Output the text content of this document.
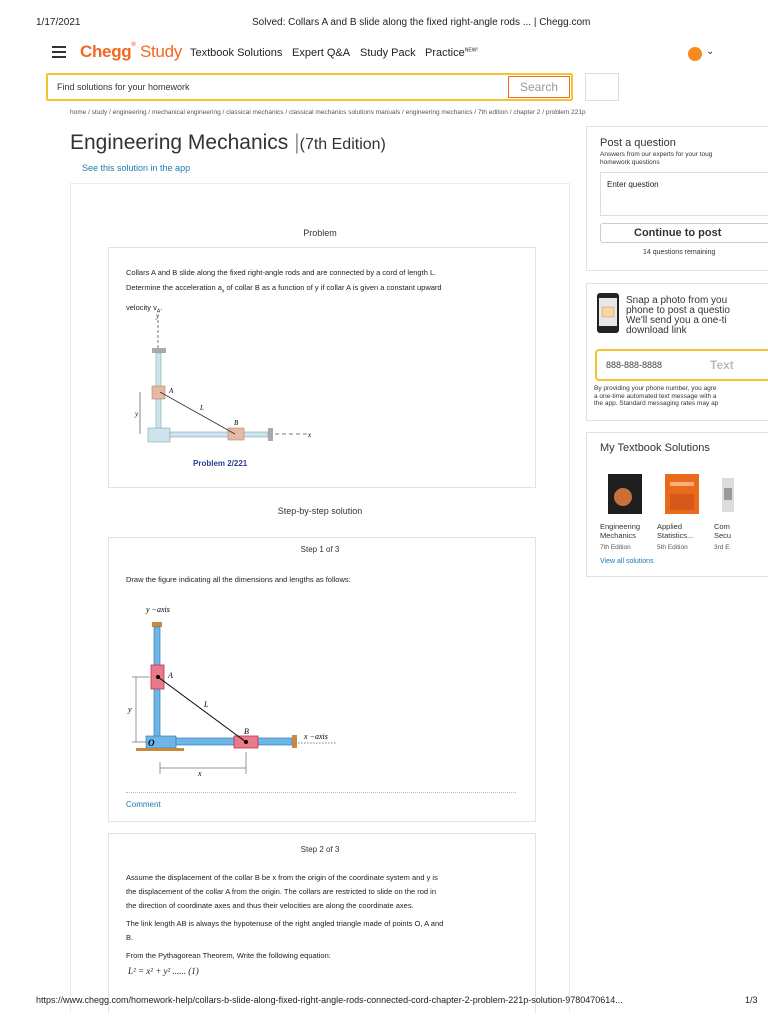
1/17/2021	Solved: Collars A and B slide along the fixed right-angle rods ... | Chegg.com
Chegg® Study Textbook Solutions Expert Q&A Study Pack Practice$^{NEW!}$	⌄
Find solutions for your homework	Search
home / study / engineering / mechanical engineering / classical mechanics / classical mechanics solutions manuals / engineering mechanics / 7th edition / chapter 2 / problem 221p
Engineering Mechanics |(7th Edition)
See this solution in the app
Problem
Collars A and B slide along the fixed right-angle rods and are connected by a cord of length L.
Determine the acceleration $a_x$ of collar B as a function of y if collar A is given a constant upward
velocity $v_A$.
y
A
L
B
y
x
Problem 2/221
Step-by-step solution
Step 1 of 3
Draw the figure indicating all the dimensions and lengths as follows:
y −axis
A
y
L
B
O
x −axis
x
Comment
Step 2 of 3
Assume the displacement of the collar B be x from the origin of the coordinate system and y is
the displacement of the collar A from the origin. The collars are restricted to slide on the rod in
the direction of coordinate axes and thus their velocities are along the coordinate axes.
The link length AB is always the hypotenuse of the right angled triangle made of points O, A and
B.
From the Pythagorean Theorem, Write the following equation:
L² = x² + y² ...... (1)
Post a question
Answers from our experts for your toug
homework questions
Enter question
Continue to post
14 questions remaining
Snap a photo from you
phone to post a questio
We'll send you a one-ti
download link
888-888-8888	Text
By providing your phone number, you agre
a one-time automated text message with a
the app. Standard messaging rates may ap
My Textbook Solutions
Engineering
Mechanics
7th Edition
Applied
Statistics...
5th Edition
Com
Secu
3rd E
View all solutions
https://www.chegg.com/homework-help/collars-b-slide-along-fixed-right-angle-rods-connected-cord-chapter-2-problem-221p-solution-9780470614...	1/3
